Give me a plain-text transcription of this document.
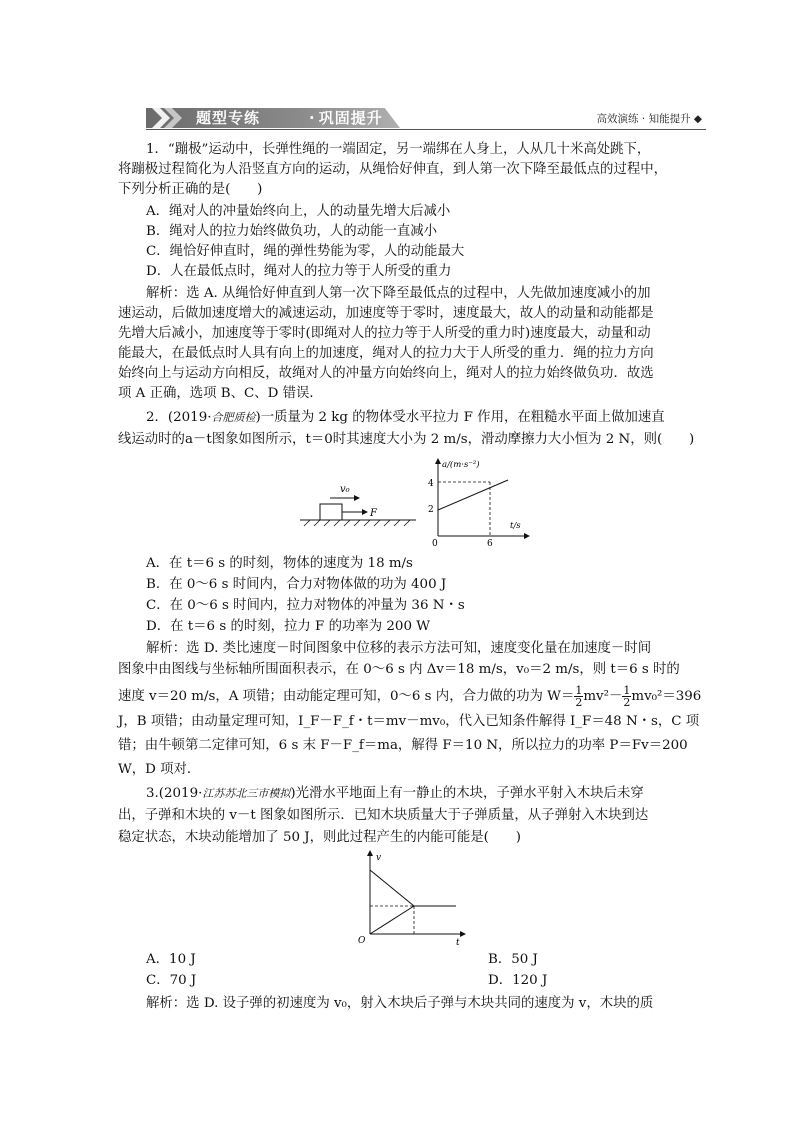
题型专练	· 巩固提升	高效演练 · 知能提升 ◆
1．“蹦极”运动中，长弹性绳的一端固定，另一端绑在人身上，人从几十米高处跳下，
将蹦极过程简化为人沿竖直方向的运动，从绳恰好伸直，到人第一次下降至最低点的过程中，
下列分析正确的是(　　)
A．绳对人的冲量始终向上，人的动量先增大后减小
B．绳对人的拉力始终做负功，人的动能一直减小
C．绳恰好伸直时，绳的弹性势能为零，人的动能最大
D．人在最低点时，绳对人的拉力等于人所受的重力
解析：选 A. 从绳恰好伸直到人第一次下降至最低点的过程中，人先做加速度减小的加
速运动，后做加速度增大的减速运动，加速度等于零时，速度最大，故人的动量和动能都是
先增大后减小，加速度等于零时(即绳对人的拉力等于人所受的重力时)速度最大，动量和动
能最大，在最低点时人具有向上的加速度，绳对人的拉力大于人所受的重力．绳的拉力方向
始终向上与运动方向相反，故绳对人的冲量方向始终向上，绳对人的拉力始终做负功．故选
项 A 正确，选项 B、C、D 错误．
2．(2019·合肥质检)一质量为 2 kg 的物体受水平拉力 F 作用，在粗糙水平面上做加速直
线运动时的a－t图象如图所示，t＝0时其速度大小为 2 m/s，滑动摩擦力大小恒为 2 N，则(　　)
v₀
F
a/(m·s⁻²)
t/s
4
2
0	6
A．在 t＝6 s 的时刻，物体的速度为 18 m/s
B．在 0～6 s 时间内，合力对物体做的功为 400 J
C．在 0～6 s 时间内，拉力对物体的冲量为 36 N・s
D．在 t＝6 s 的时刻，拉力 F 的功率为 200 W
解析：选 D. 类比速度－时间图象中位移的表示方法可知，速度变化量在加速度－时间
图象中由图线与坐标轴所围面积表示，在 0～6 s 内 Δv＝18 m/s，v₀＝2 m/s，则 t＝6 s 时的
速度 v＝20 m/s，A 项错；由动能定理可知，0～6 s 内，合力做的功为 $W= \frac{1}{2} mv^2- \frac{1}{2} mv_0^2=396$
J，B 项错；由动量定理可知，I_F－F_f・t＝mv－mv₀，代入已知条件解得 I_F＝48 N・s，C 项
错；由牛顿第二定律可知，6 s 末 F－F_f＝ma，解得 F＝10 N，所以拉力的功率 P＝Fv＝200
W，D 项对．
3.(2019·江苏苏北三市模拟)光滑水平地面上有一静止的木块，子弹水平射入木块后未穿
出，子弹和木块的 v－t 图象如图所示．已知木块质量大于子弹质量，从子弹射入木块到达
稳定状态，木块动能增加了 50 J，则此过程产生的内能可能是(　　)
v
t
O
A．10 J	B．50 J
C．70 J	D．120 J
解析：选 D. 设子弹的初速度为 v₀，射入木块后子弹与木块共同的速度为 v，木块的质
